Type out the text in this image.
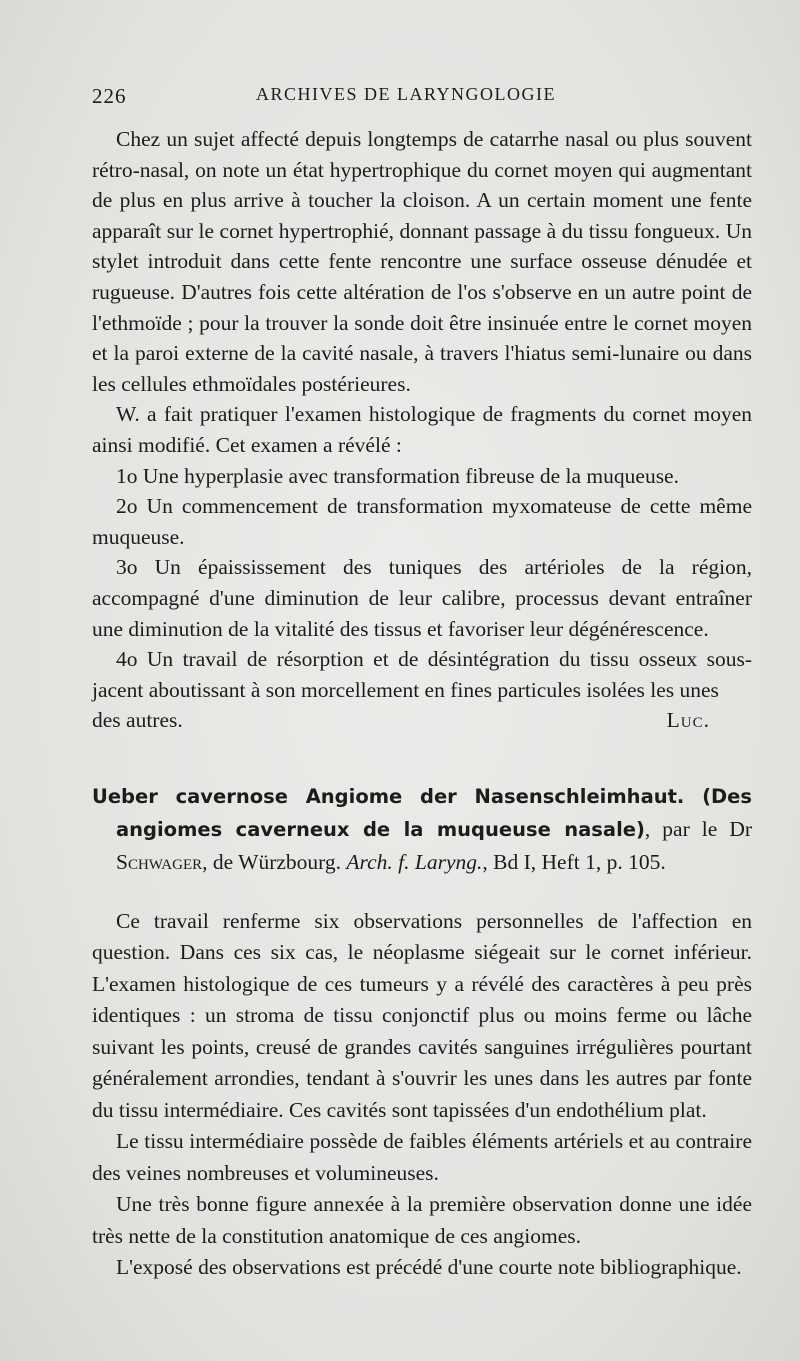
226	ARCHIVES DE LARYNGOLOGIE

Chez un sujet affecté depuis longtemps de catarrhe nasal ou plus souvent rétro-nasal, on note un état hypertrophique du cornet moyen qui augmentant de plus en plus arrive à toucher la cloison. A un certain moment une fente apparaît sur le cornet hypertrophié, donnant passage à du tissu fongueux. Un stylet introduit dans cette fente rencontre une surface osseuse dénudée et rugueuse. D'autres fois cette altération de l'os s'observe en un autre point de l'ethmoïde ; pour la trouver la sonde doit être insinuée entre le cornet moyen et la paroi externe de la cavité nasale, à travers l'hiatus semi-lunaire ou dans les cellules ethmoïdales postérieures.

W. a fait pratiquer l'examen histologique de fragments du cornet moyen ainsi modifié. Cet examen a révélé :

1o Une hyperplasie avec transformation fibreuse de la muqueuse.

2o Un commencement de transformation myxomateuse de cette même muqueuse.

3o Un épaississement des tuniques des artérioles de la région, accompagné d'une diminution de leur calibre, processus devant entraîner une diminution de la vitalité des tissus et favoriser leur dégénérescence.

4o Un travail de résorption et de désintégration du tissu osseux sous-jacent aboutissant à son morcellement en fines particules isolées les unes

des autres.	Luc.
Ueber cavernose Angiome der Nasenschleimhaut. (Des angiomes caverneux de la muqueuse nasale), par le Dr Schwager, de Würzbourg. Arch. f. Laryng., Bd I, Heft 1, p. 105.

Ce travail renferme six observations personnelles de l'affection en question. Dans ces six cas, le néoplasme siégeait sur le cornet inférieur. L'examen histologique de ces tumeurs y a révélé des caractères à peu près identiques : un stroma de tissu conjonctif plus ou moins ferme ou lâche suivant les points, creusé de grandes cavités sanguines irrégulières pourtant généralement arrondies, tendant à s'ouvrir les unes dans les autres par fonte du tissu intermédiaire. Ces cavités sont tapissées d'un endothélium plat.

Le tissu intermédiaire possède de faibles éléments artériels et au contraire des veines nombreuses et volumineuses.

Une très bonne figure annexée à la première observation donne une idée très nette de la constitution anatomique de ces angiomes.

L'exposé des observations est précédé d'une courte note bibliographique.
